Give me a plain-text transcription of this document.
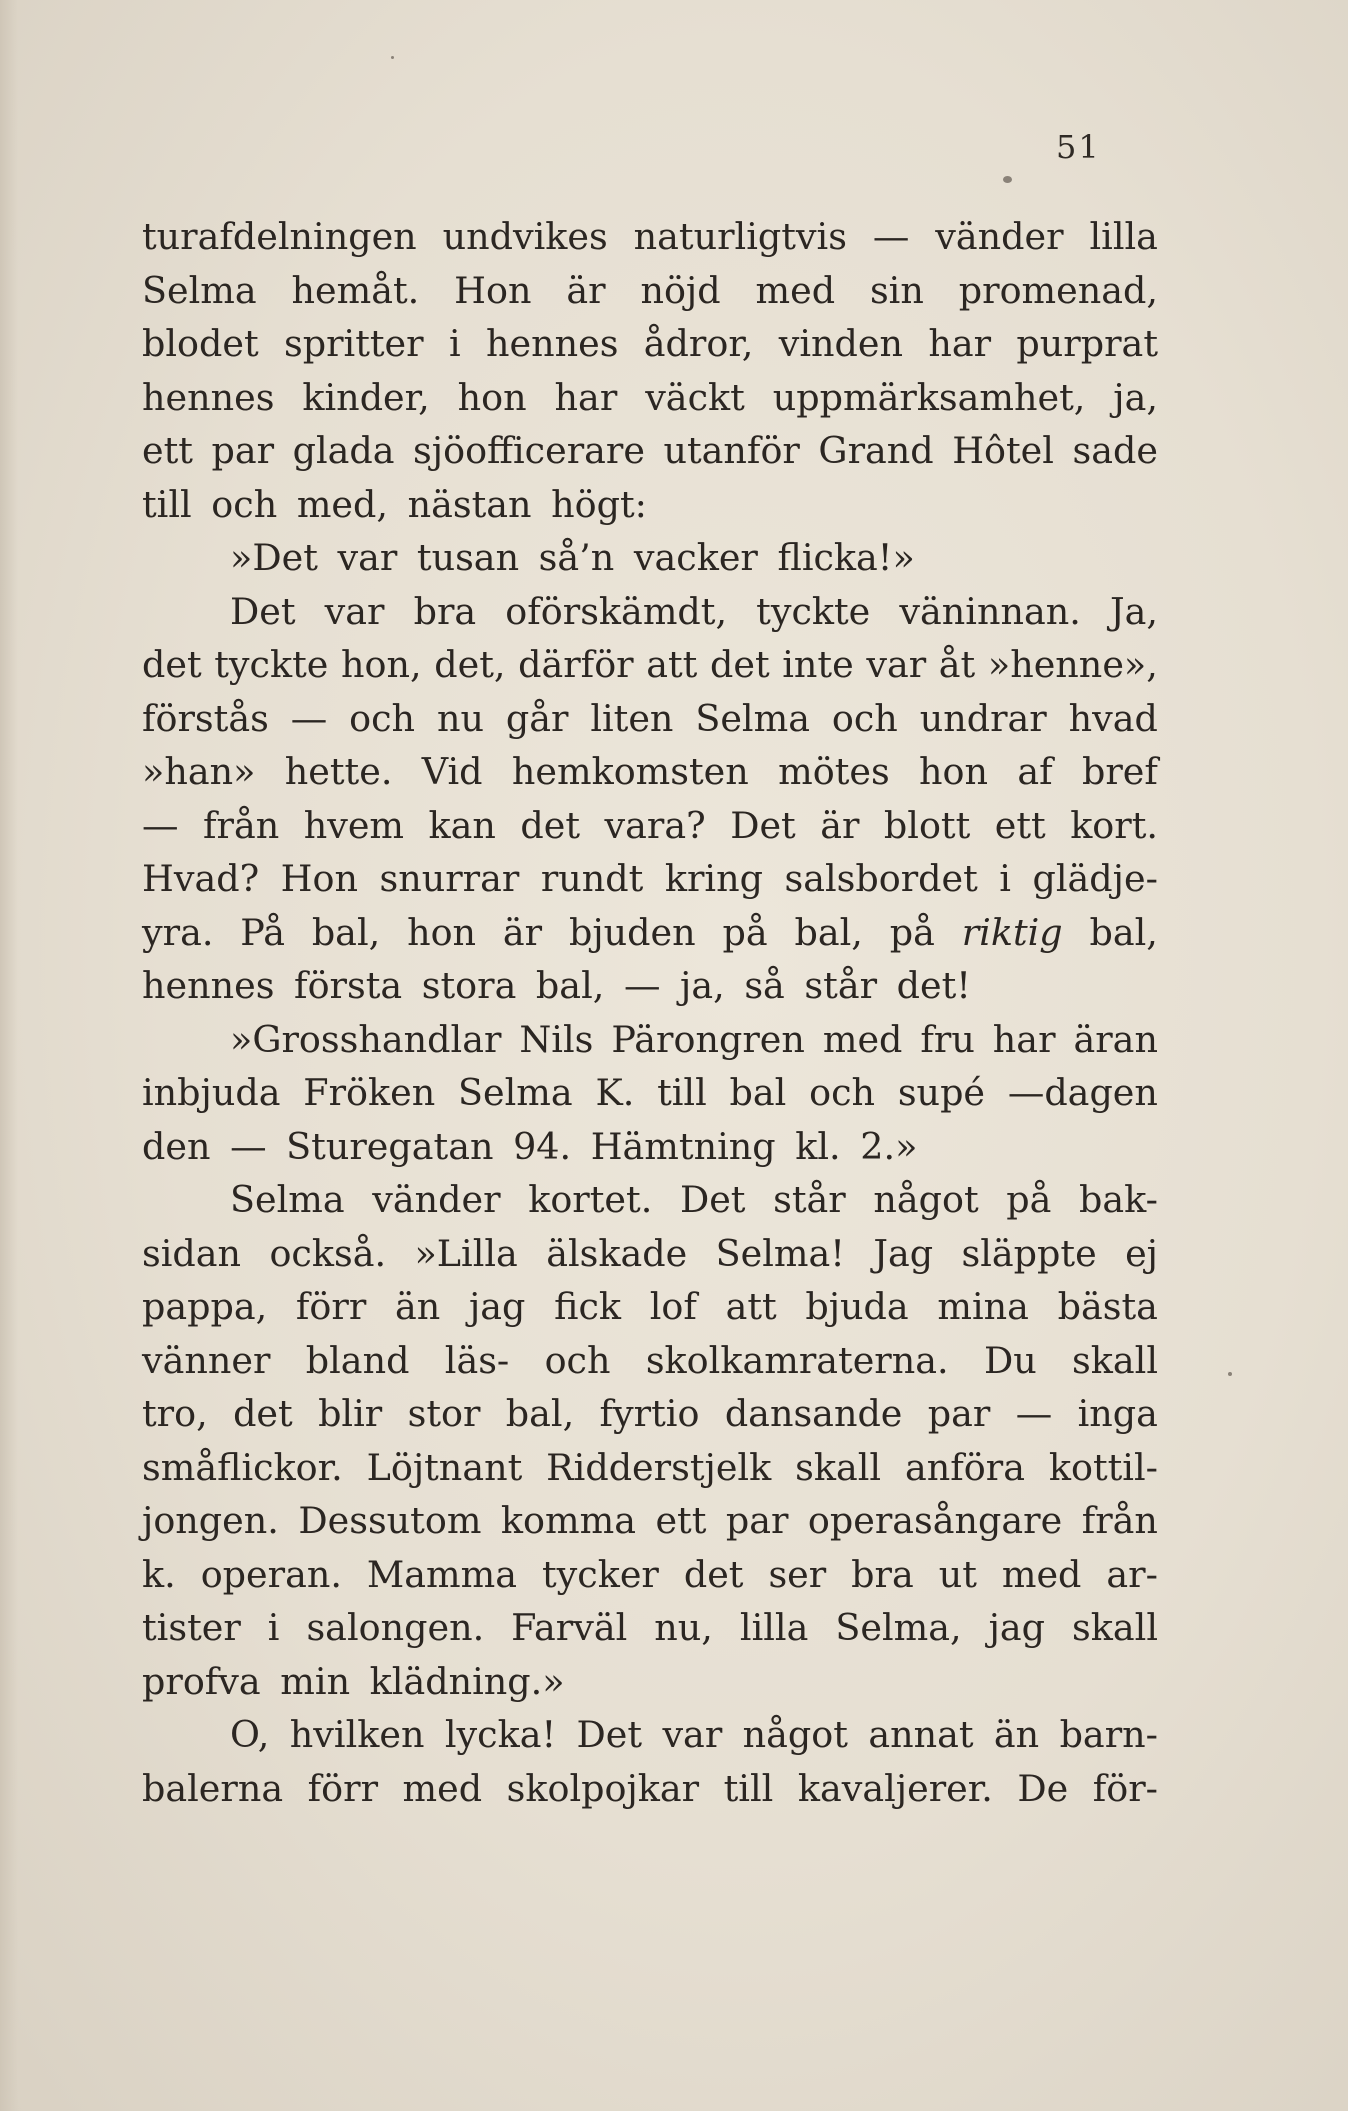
51
turafdelningen undvikes naturligtvis — vänder lilla
Selma hemåt. Hon är nöjd med sin promenad,
blodet spritter i hennes ådror, vinden har purprat
hennes kinder, hon har väckt uppmärksamhet, ja,
ett par glada sjöofficerare utanför Grand Hôtel sade
till och med, nästan högt:
»Det var tusan så’n vacker flicka!»
Det var bra oförskämdt, tyckte väninnan. Ja,
det tyckte hon, det, därför att det inte var åt »henne»,
förstås — och nu går liten Selma och undrar hvad
»han» hette. Vid hemkomsten mötes hon af bref
— från hvem kan det vara? Det är blott ett kort.
Hvad? Hon snurrar rundt kring salsbordet i glädje-
yra. På bal, hon är bjuden på bal, på riktig bal,
hennes första stora bal, — ja, så står det!
»Grosshandlar Nils Pärongren med fru har äran
inbjuda Fröken Selma K. till bal och supé —dagen
den — Sturegatan 94. Hämtning kl. 2.»
Selma vänder kortet. Det står något på bak-
sidan också. »Lilla älskade Selma! Jag släppte ej
pappa, förr än jag fick lof att bjuda mina bästa
vänner bland läs- och skolkamraterna. Du skall
tro, det blir stor bal, fyrtio dansande par — inga
småflickor. Löjtnant Ridderstjelk skall anföra kottil-
jongen. Dessutom komma ett par operasångare från
k. operan. Mamma tycker det ser bra ut med ar-
tister i salongen. Farväl nu, lilla Selma, jag skall
profva min klädning.»
O, hvilken lycka! Det var något annat än barn-
balerna förr med skolpojkar till kavaljerer. De för-
